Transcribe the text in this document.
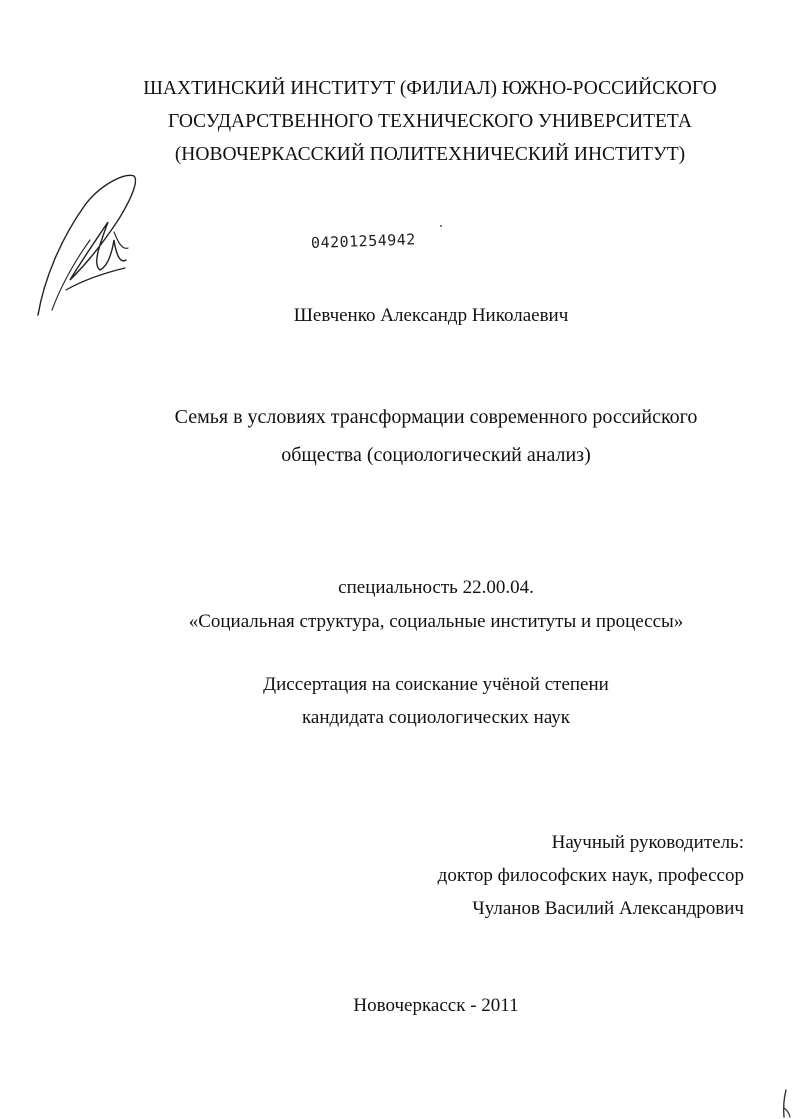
ШАХТИНСКИЙ ИНСТИТУТ (ФИЛИАЛ) ЮЖНО-РОССИЙСКОГО
ГОСУДАРСТВЕННОГО ТЕХНИЧЕСКОГО УНИВЕРСИТЕТА
(НОВОЧЕРКАССКИЙ ПОЛИТЕХНИЧЕСКИЙ ИНСТИТУТ)
04201254942
Шевченко Александр Николаевич
Семья в условиях трансформации современного российского
общества (социологический анализ)
специальность 22.00.04.
«Социальная структура, социальные институты и процессы»
Диссертация на соискание учёной степени
кандидата социологических наук
Научный руководитель:
доктор философских наук, профессор
Чуланов Василий Александрович
Новочеркасск - 2011
